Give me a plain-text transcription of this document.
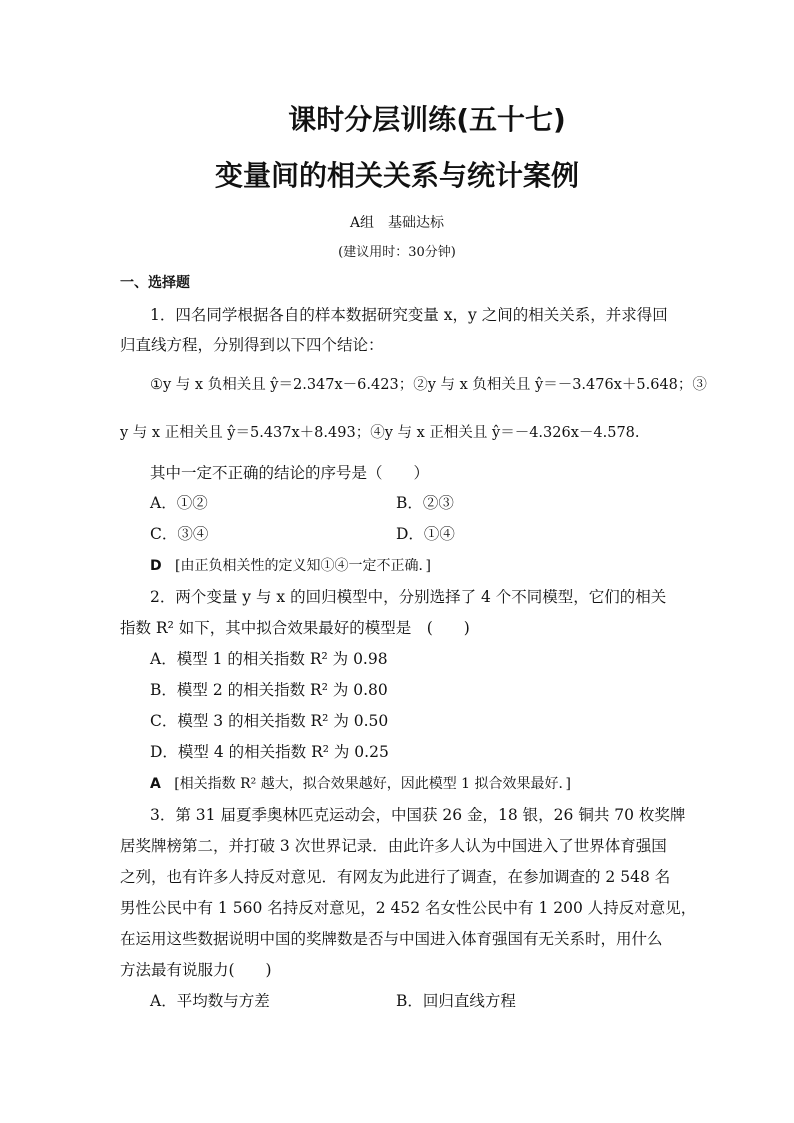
课时分层训练(五十七)
变量间的相关关系与统计案例
A组　基础达标
(建议用时：30分钟)
一、选择题
1．四名同学根据各自的样本数据研究变量 x，y 之间的相关关系，并求得回
归直线方程，分别得到以下四个结论：
①y 与 x 负相关且 ŷ＝2.347x－6.423；②y 与 x 负相关且 ŷ＝－3.476x＋5.648；③
y 与 x 正相关且 ŷ＝5.437x＋8.493；④y 与 x 正相关且 ŷ＝－4.326x－4.578.
其中一定不正确的结论的序号是（　　）
A．①②	B．②③
C．③④	D．①④
D [由正负相关性的定义知①④一定不正确．]
2．两个变量 y 与 x 的回归模型中，分别选择了 4 个不同模型，它们的相关
指数 R² 如下，其中拟合效果最好的模型是　(　　)
A．模型 1 的相关指数 R² 为 0.98
B．模型 2 的相关指数 R² 为 0.80
C．模型 3 的相关指数 R² 为 0.50
D．模型 4 的相关指数 R² 为 0.25
A [相关指数 R² 越大，拟合效果越好，因此模型 1 拟合效果最好．]
3．第 31 届夏季奥林匹克运动会，中国获 26 金，18 银，26 铜共 70 枚奖牌
居奖牌榜第二，并打破 3 次世界记录．由此许多人认为中国进入了世界体育强国
之列，也有许多人持反对意见．有网友为此进行了调查，在参加调查的 2 548 名
男性公民中有 1 560 名持反对意见，2 452 名女性公民中有 1 200 人持反对意见，
在运用这些数据说明中国的奖牌数是否与中国进入体育强国有无关系时，用什么
方法最有说服力(　　)
A．平均数与方差	B．回归直线方程
